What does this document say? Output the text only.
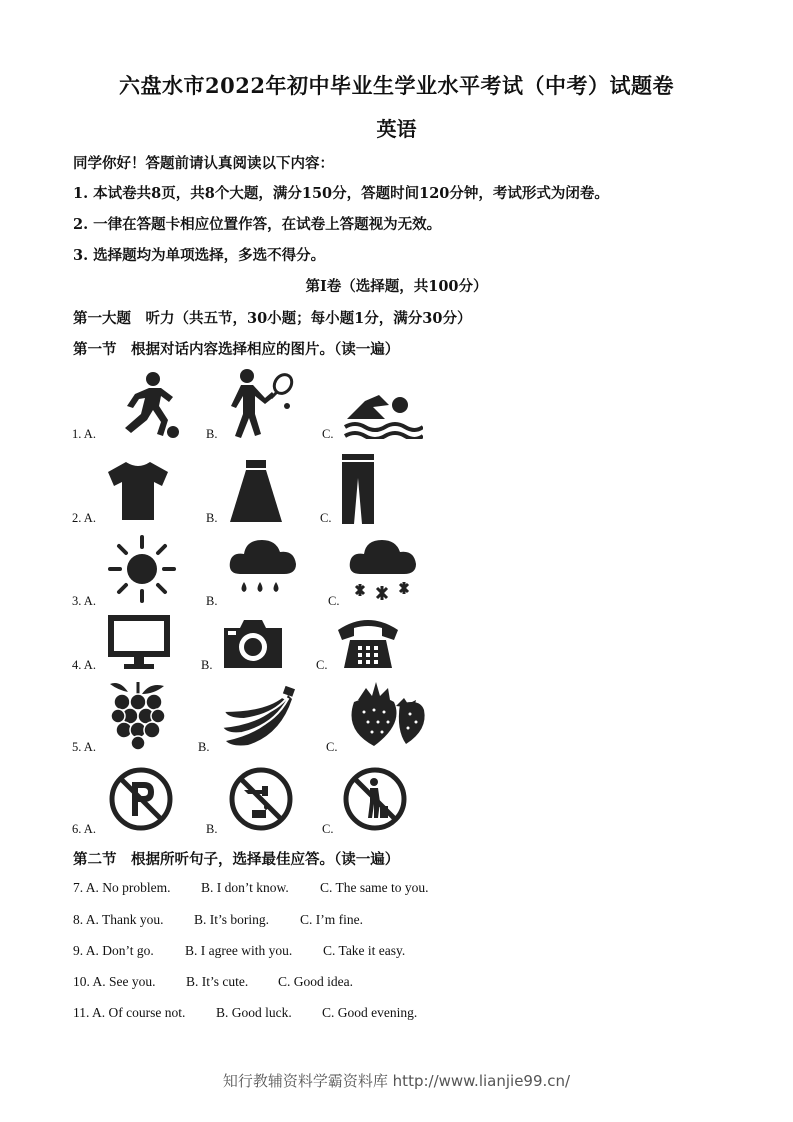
六盘水市2022年初中毕业生学业水平考试（中考）试题卷
英语
同学你好！答题前请认真阅读以下内容：
1. 本试卷共8页，共8个大题，满分150分，答题时间120分钟，考试形式为闭卷。
2. 一律在答题卡相应位置作答，在试卷上答题视为无效。
3. 选择题均为单项选择，多选不得分。
第Ⅰ卷（选择题，共100分）
第一大题　听力（共五节，30小题；每小题1分，满分30分）
第一节　根据对话内容选择相应的图片。（读一遍）
1. A.	B.	C.
2. A.	B.	C.
3. A.	B.	C.
4. A.	B.	C.
5. A.	B.	C.
6. A.	B.	C.
第二节　根据所听句子，选择最佳应答。（读一遍）
7. A. No problem. B. I don’t know. C. The same to you.
8. A. Thank you. B. It’s boring. C. I’m fine.
9. A. Don’t go. B. I agree with you. C. Take it easy.
10. A. See you. B. It’s cute. C. Good idea.
11. A. Of course not. B. Good luck. C. Good evening.
知行教辅资料学霸资料库 http://www.lianjie99.cn/
